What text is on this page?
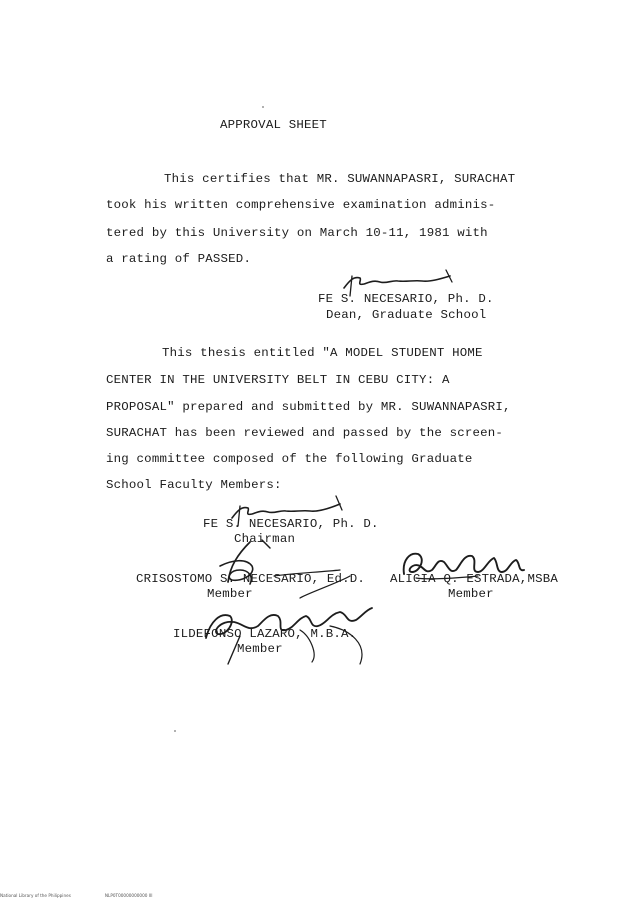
APPROVAL SHEET
This certifies that MR. SUWANNAPASRI, SURACHAT
took his written comprehensive examination adminis-
tered by this University on March 10-11, 1981 with
a rating of PASSED.
FE S. NECESARIO, Ph. D.
Dean, Graduate School
This thesis entitled "A MODEL STUDENT HOME
CENTER IN THE UNIVERSITY BELT IN CEBU CITY: A
PROPOSAL" prepared and submitted by MR. SUWANNAPASRI,
SURACHAT has been reviewed and passed by the screen-
ing committee composed of the following Graduate
School Faculty Members:
FE S. NECESARIO, Ph. D.
Chairman
CRISOSTOMO S. NECESARIO, Ed.D. ALICIA Q. ESTRADA,MSBA
Member	Member
ILDEFONSO LAZARO, M.B.A.
Member
National Library of the Philippines	NLP0T00000000000 III
